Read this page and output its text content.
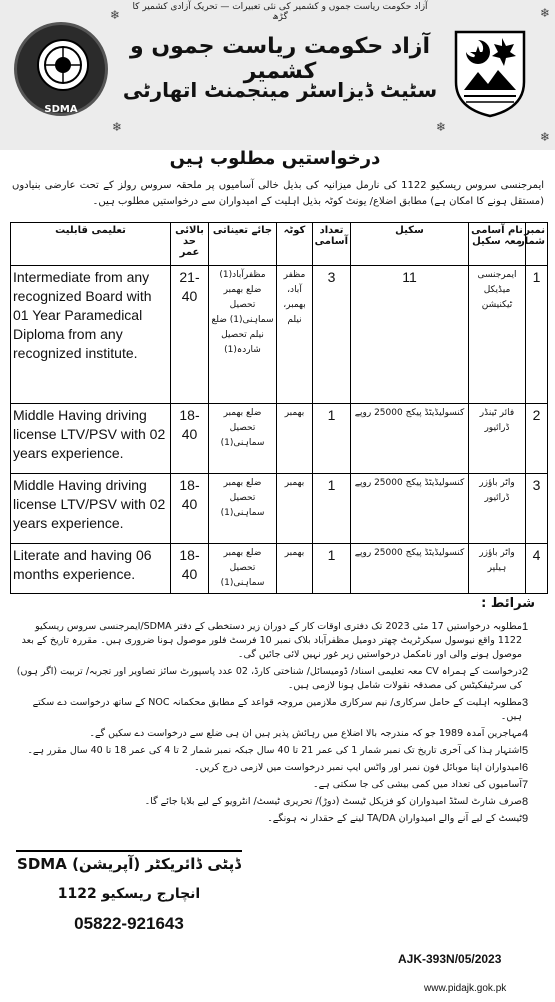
آزاد حکومت ریاست جموں و کشمیر کی نئی تعبیرات — تحریک آزادی کشمیر کا گڑھ
SDMA
آزاد حکومت ریاست جموں و کشمیر
سٹیٹ ڈیزاسٹر مینجمنٹ اتھارٹی
❄	❄
❄	❄
❄
درخواستیں مطلوب ہیں
ایمرجنسی سروس ریسکیو 1122 کی نارمل میزانیہ کی بذیل خالی آسامیوں پر ملحقہ سروس رولز کے تحت عارضی بنیادوں (مستقل ہونے کا امکان ہے) مطابق اضلاع/ یونٹ کوٹہ بذیل اہلیت کے امیدواران سے درخواستیں مطلوب ہیں۔
تعلیمی قابلیت	بالائی حد عمر	جائے تعیناتی	کوٹہ	تعداد آسامی	سکیل	نام آسامی معہ سکیل	نمبر شمار
Intermediate from any recognized Board with 01 Year Paramedical Diploma from any recognized institute.	21-40	مظفرآباد(1) ضلع بھمبر تحصیل سماہنی(1) ضلع نیلم تحصیل شاردہ(1)	مظفر آباد، بھمبر، نیلم	3	11	ایمرجنسی میڈیکل ٹیکنیشن	1
Middle Having driving license LTV/PSV with 02 years experience.	18-40	ضلع بھمبر تحصیل سماہنی(1)	بھمبر	1	کنسولیڈیٹڈ پیکج 25000 روپے	فائر ٹینڈر ڈرائیور	2
Middle Having driving license LTV/PSV with 02 years experience.	18-40	ضلع بھمبر تحصیل سماہنی(1)	بھمبر	1	کنسولیڈیٹڈ پیکج 25000 روپے	واٹر باؤزر ڈرائیور	3
Literate and having 06 months experience.	18-40	ضلع بھمبر تحصیل سماہنی(1)	بھمبر	1	کنسولیڈیٹڈ پیکج 25000 روپے	واٹر باؤزر ہیلپر	4
شرائط :
1
مطلوبہ درخواستیں 17 مئی 2023 تک دفتری اوقات کار کے دوران زیر دستخطی کے دفتر SDMA/ایمرجنسی سروس ریسکیو 1122 واقع نیوسول سیکرٹریٹ چھتر دومیل مظفرآباد بلاک نمبر 10 فرسٹ فلور موصول ہونا ضروری ہیں۔ مقررہ تاریخ کے بعد موصول ہونے والی اور نامکمل درخواستیں زیر غور نہیں لائی جائیں گی۔
2
درخواست کے ہمراہ CV معہ تعلیمی اسناد/ ڈومیسائل/ شناختی کارڈ، 02 عدد پاسپورٹ سائز تصاویر اور تجربہ/ تربیت (اگر ہوں) کی سرٹیفکیٹس کی مصدقہ نقولات شامل ہونا لازمی ہیں۔
3
مطلوبہ اہلیت کے حامل سرکاری/ نیم سرکاری ملازمین مروجہ قواعد کے مطابق محکمانہ NOC کے ساتھ درخواست دے سکتے ہیں۔
4
مہاجرین آمدہ 1989 جو کہ مندرجہ بالا اضلاع میں رہائش پذیر ہیں ان ہی ضلع سے درخواست دے سکیں گے۔
5
اشتہار ہذا کی آخری تاریخ تک نمبر شمار 1 کی عمر 21 تا 40 سال جبکہ نمبر شمار 2 تا 4 کی عمر 18 تا 40 سال مقرر ہے۔
6
امیدواران اپنا موبائل فون نمبر اور واٹس ایپ نمبر درخواست میں لازمی درج کریں۔
7
آسامیوں کی تعداد میں کمی بیشی کی جا سکتی ہے۔
8
صرف شارٹ لسٹڈ امیدواران کو فزیکل ٹیسٹ (دوڑ)/ تحریری ٹیسٹ/ انٹرویو کے لیے بلایا جائے گا۔
9
ٹیسٹ کے لیے آنے والے امیدواران TA/DA لینے کے حقدار نہ ہونگے۔
ڈپٹی ڈائریکٹر (آپریشن) SDMA
انچارج ریسکیو 1122
05822-921643
AJK-393N/05/2023
www.pidajk.gok.pk
